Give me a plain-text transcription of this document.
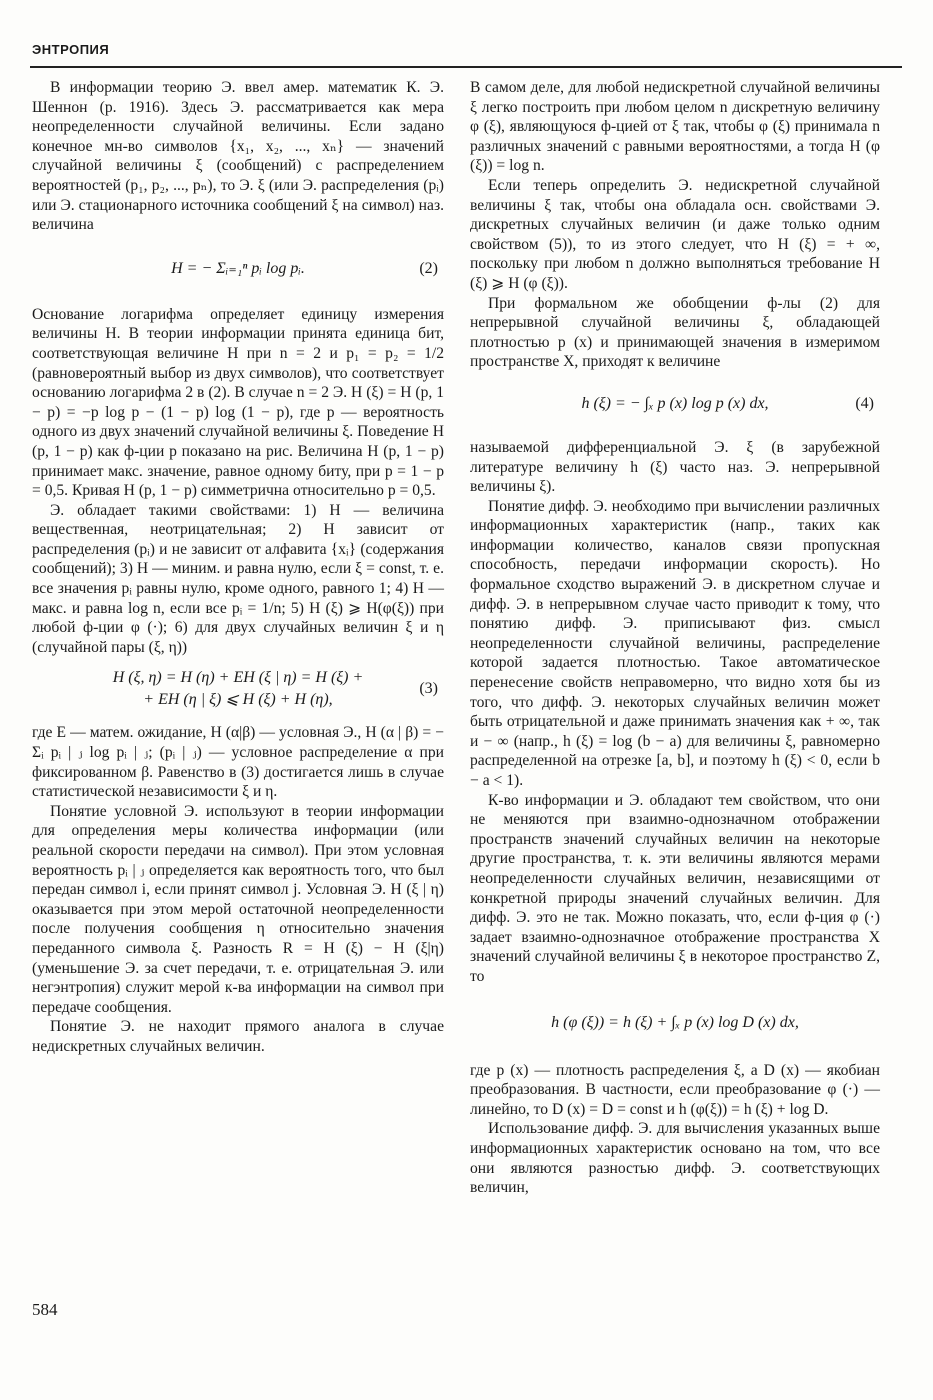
ЭНТРОПИЯ

В информации теорию Э. ввел амер. математик К. Э. Шеннон (р. 1916). Здесь Э. рассматривается как мера неопределенности случайной величины. Если задано конечное мн-во символов {x₁, x₂, ..., xₙ} — значений случайной величины ξ (сообщений) с распределением вероятностей (p₁, p₂, ..., pₙ), то Э. ξ (или Э. распределения (pᵢ) или Э. стационарного источника сообщений ξ на символ) наз. величина

H = − Σᵢ₌₁ⁿ pᵢ log pᵢ.	(2)

Основание логарифма определяет единицу измерения величины H. В теории информации принята единица бит, соответствующая величине H при n = 2 и p₁ = p₂ = 1/2 (равновероятный выбор из двух символов), что соответствует основанию логарифма 2 в (2). В случае n = 2 Э. H (ξ) = H (p, 1 − p) = −p log p − (1 − p) log (1 − p), где p — вероятность одного из двух значений случайной величины ξ. Поведение H (p, 1 − p) как ф-ции p показано на рис. Величина H (p, 1 − p) принимает макс. значение, равное одному биту, при p = 1 − p = 0,5. Кривая H (p, 1 − p) симметрична относительно p = 0,5.

Э. обладает такими свойствами: 1) H — величина вещественная, неотрицательная; 2) H зависит от распределения (pᵢ) и не зависит от алфавита {xᵢ} (содержания сообщений); 3) H — миним. и равна нулю, если ξ = const, т. е. все значения pᵢ равны нулю, кроме одного, равного 1; 4) H — макс. и равна log n, если все pᵢ = 1/n; 5) H (ξ) ⩾ H(φ(ξ)) при любой ф-ции φ (·); 6) для двух случайных величин ξ и η (случайной пары (ξ, η))

H (ξ, η) = H (η) + EH (ξ | η) = H (ξ) +
+ EH (η | ξ) ⩽ H (ξ) + H (η),
(3)

где E — матем. ожидание, H (α|β) — условная Э., H (α | β) = − Σᵢ pᵢ | ⱼ log pᵢ | ⱼ; (pᵢ | ⱼ) — условное распределение α при фиксированном β. Равенство в (3) достигается лишь в случае статистической независимости ξ и η.

Понятие условной Э. используют в теории информации для определения меры количества информации (или реальной скорости передачи на символ). При этом условная вероятность pᵢ | ⱼ определяется как вероятность того, что был передан символ i, если принят символ j. Условная Э. H (ξ | η) оказывается при этом мерой остаточной неопределенности после получения сообщения η относительно значения переданного символа ξ. Разность R = H (ξ) − H (ξ|η) (уменьшение Э. за счет передачи, т. е. отрицательная Э. или негэнтропия) служит мерой к-ва информации на символ при передаче сообщения.

Понятие Э. не находит прямого аналога в случае недискретных случайных величин.

В самом деле, для любой недискретной случайной величины ξ легко построить при любом целом n дискретную величину φ (ξ), являющуюся ф-цией от ξ так, чтобы φ (ξ) принимала n различных значений с равными вероятностями, а тогда H (φ (ξ)) = log n.

Если теперь определить Э. недискретной случайной величины ξ так, чтобы она обладала осн. свойствами Э. дискретных случайных величин (и даже только одним свойством (5)), то из этого следует, что H (ξ) = + ∞, поскольку при любом n должно выполняться требование H (ξ) ⩾ H (φ (ξ)).

При формальном же обобщении ф-лы (2) для непрерывной случайной величины ξ, обладающей плотностью p (x) и принимающей значения в измеримом пространстве X, приходят к величине

h (ξ) = − ∫ₓ p (x) log p (x) dx,	(4)

называемой дифференциальной Э. ξ (в зарубежной литературе величину h (ξ) часто наз. Э. непрерывной величины ξ).

Понятие дифф. Э. необходимо при вычислении различных информационных характеристик (напр., таких как информации количество, каналов связи пропускная способность, передачи информации скорость). Но формальное сходство выражений Э. в дискретном случае и дифф. Э. в непрерывном случае часто приводит к тому, что понятию дифф. Э. приписывают физ. смысл неопределенности случайной величины, распределение которой задается плотностью. Такое автоматическое перенесение свойств неправомерно, что видно хотя бы из того, что дифф. Э. некоторых случайных величин может быть отрицательной и даже принимать значения как + ∞, так и − ∞ (напр., h (ξ) = log (b − a) для величины ξ, равномерно распределенной на отрезке [a, b], и поэтому h (ξ) < 0, если b − a < 1).

К-во информации и Э. обладают тем свойством, что они не меняются при взаимно-однозначном отображении пространств значений случайных величин на некоторые другие пространства, т. к. эти величины являются мерами неопределенности случайных величин, независящими от конкретной природы значений случайных величин. Для дифф. Э. это не так. Можно показать, что, если ф-ция φ (·) задает взаимно-однозначное отображение пространства X значений случайной величины ξ в некоторое пространство Z, то

h (φ (ξ)) = h (ξ) + ∫ₓ p (x) log D (x) dx,

где p (x) — плотность распределения ξ, а D (x) — якобиан преобразования. В частности, если преобразование φ (·) — линейно, то D (x) = D = const и h (φ(ξ)) = h (ξ) + log D.

Использование дифф. Э. для вычисления указанных выше информационных характеристик основано на том, что все они являются разностью дифф. Э. соответствующих величин,

584
